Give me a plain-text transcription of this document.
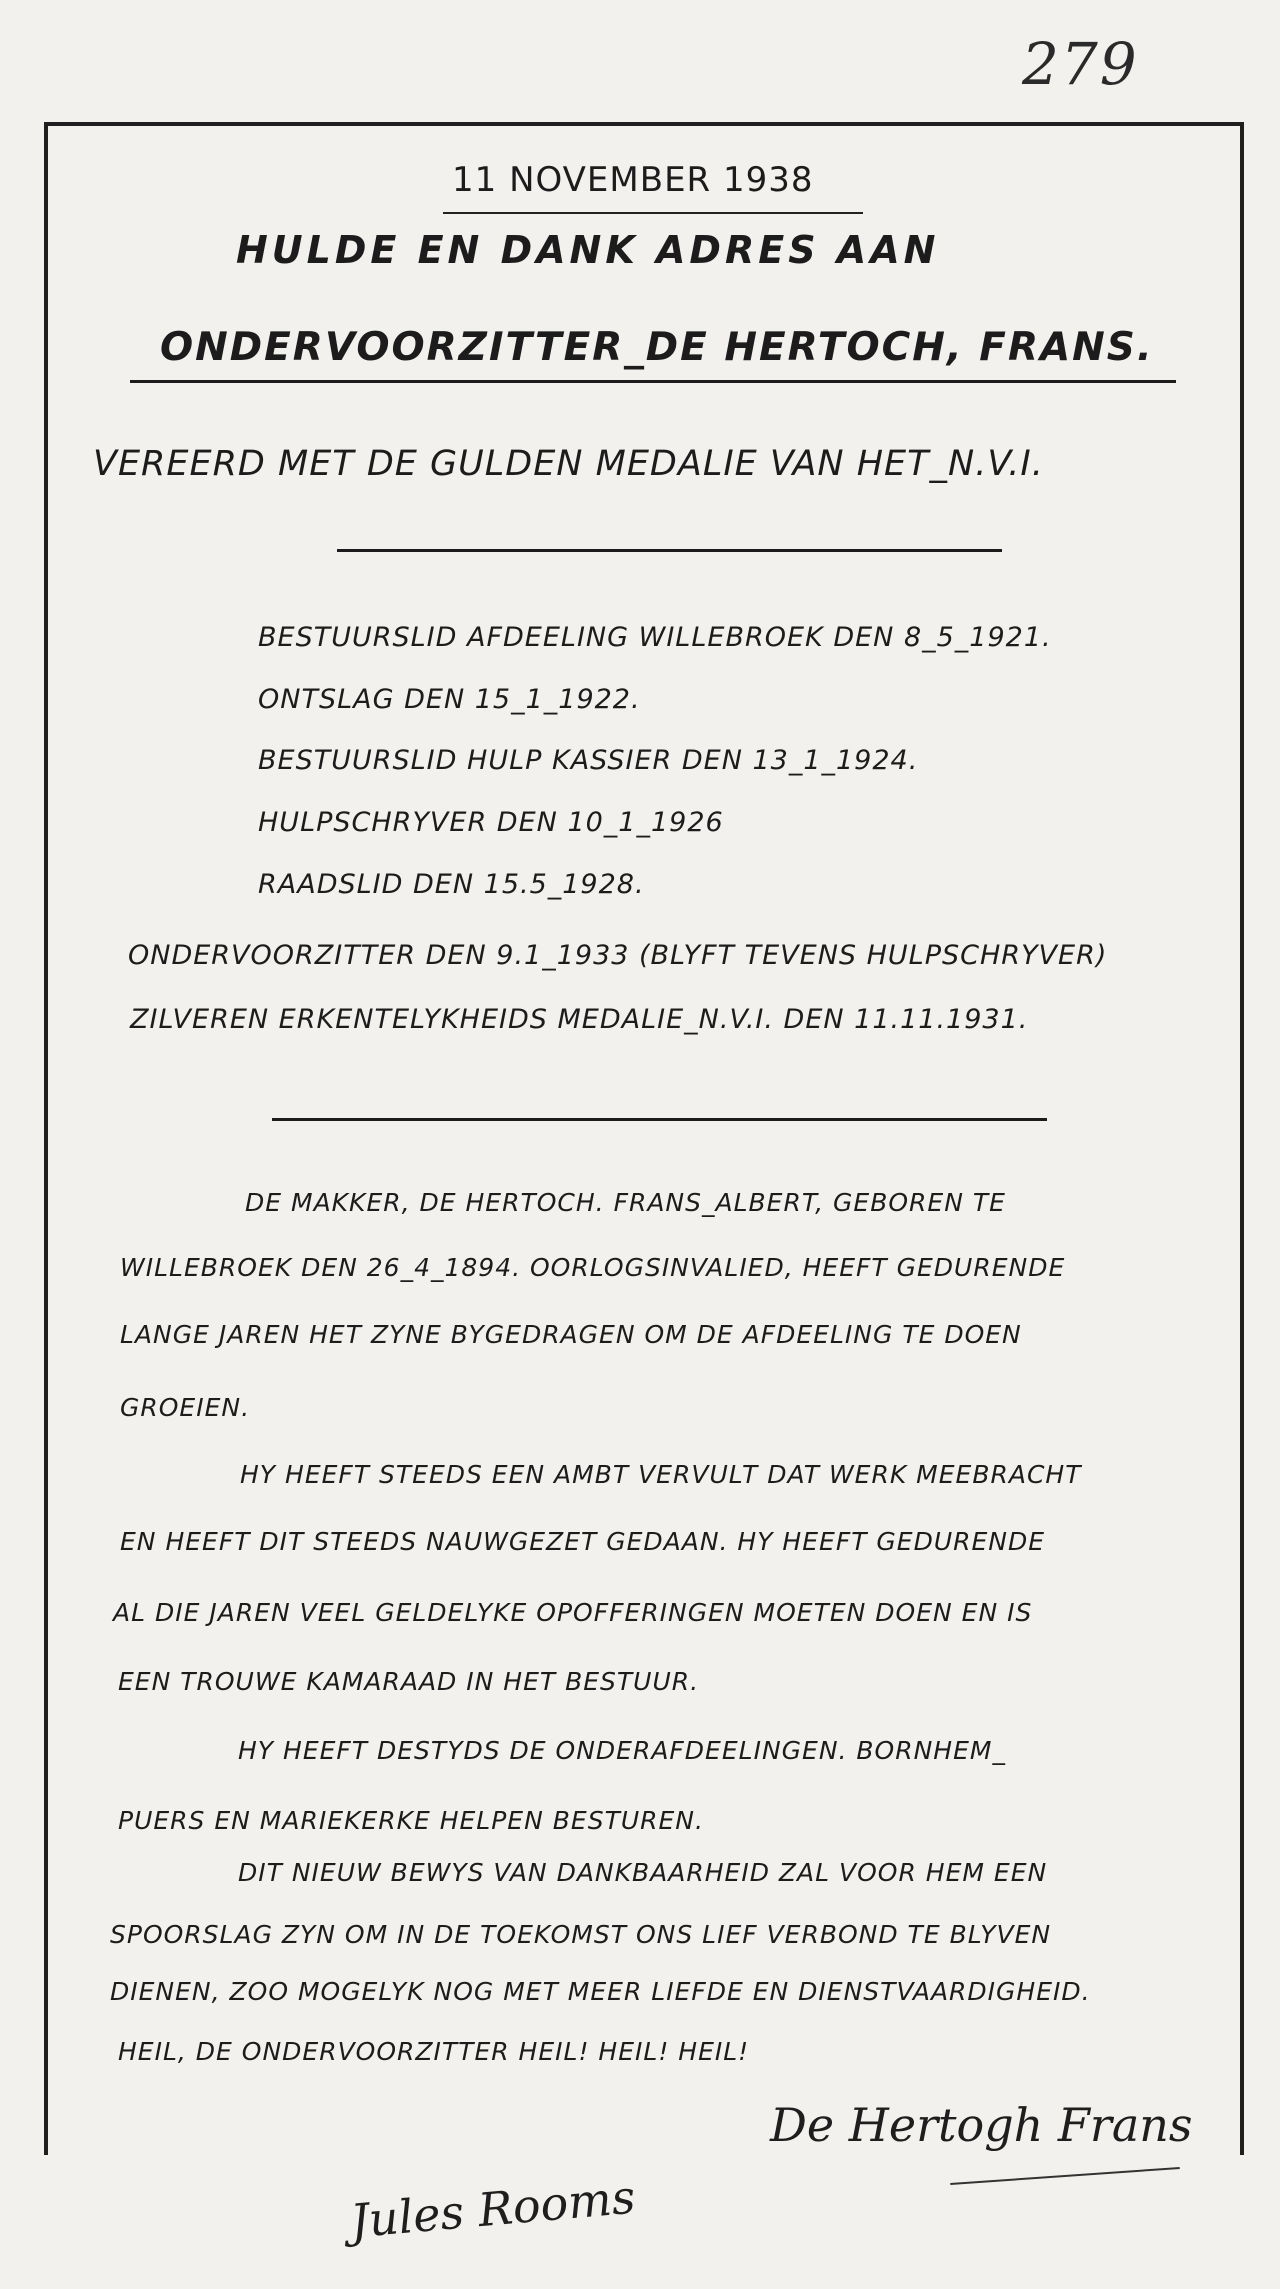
279
11 NOVEMBER 1938
HULDE EN DANK ADRES AAN
ONDERVOORZITTER_DE HERTOCH, FRANS.
VEREERD MET DE GULDEN MEDALIE VAN HET_N.V.I.
BESTUURSLID AFDEELING WILLEBROEK DEN 8_5_1921.
ONTSLAG DEN 15_1_1922.
BESTUURSLID HULP KASSIER DEN 13_1_1924.
HULPSCHRYVER DEN 10_1_1926
RAADSLID DEN 15.5_1928.
ONDERVOORZITTER DEN 9.1_1933 (BLYFT TEVENS HULPSCHRYVER)
ZILVEREN ERKENTELYKHEIDS MEDALIE_N.V.I. DEN 11.11.1931.
DE MAKKER, DE HERTOCH. FRANS_ALBERT, GEBOREN TE
WILLEBROEK DEN 26_4_1894. OORLOGSINVALIED, HEEFT GEDURENDE
LANGE JAREN HET ZYNE BYGEDRAGEN OM DE AFDEELING TE DOEN
GROEIEN.
HY HEEFT STEEDS EEN AMBT VERVULT DAT WERK MEEBRACHT
EN HEEFT DIT STEEDS NAUWGEZET GEDAAN. HY HEEFT GEDURENDE
AL DIE JAREN VEEL GELDELYKE OPOFFERINGEN MOETEN DOEN EN IS
EEN TROUWE KAMARAAD IN HET BESTUUR.
HY HEEFT DESTYDS DE ONDERAFDEELINGEN. BORNHEM_
PUERS EN MARIEKERKE HELPEN BESTUREN.
DIT NIEUW BEWYS VAN DANKBAARHEID ZAL VOOR HEM EEN
SPOORSLAG ZYN OM IN DE TOEKOMST ONS LIEF VERBOND TE BLYVEN
DIENEN, ZOO MOGELYK NOG MET MEER LIEFDE EN DIENSTVAARDIGHEID.
HEIL, DE ONDERVOORZITTER HEIL! HEIL! HEIL!
De Hertogh Frans
Jules Rooms
